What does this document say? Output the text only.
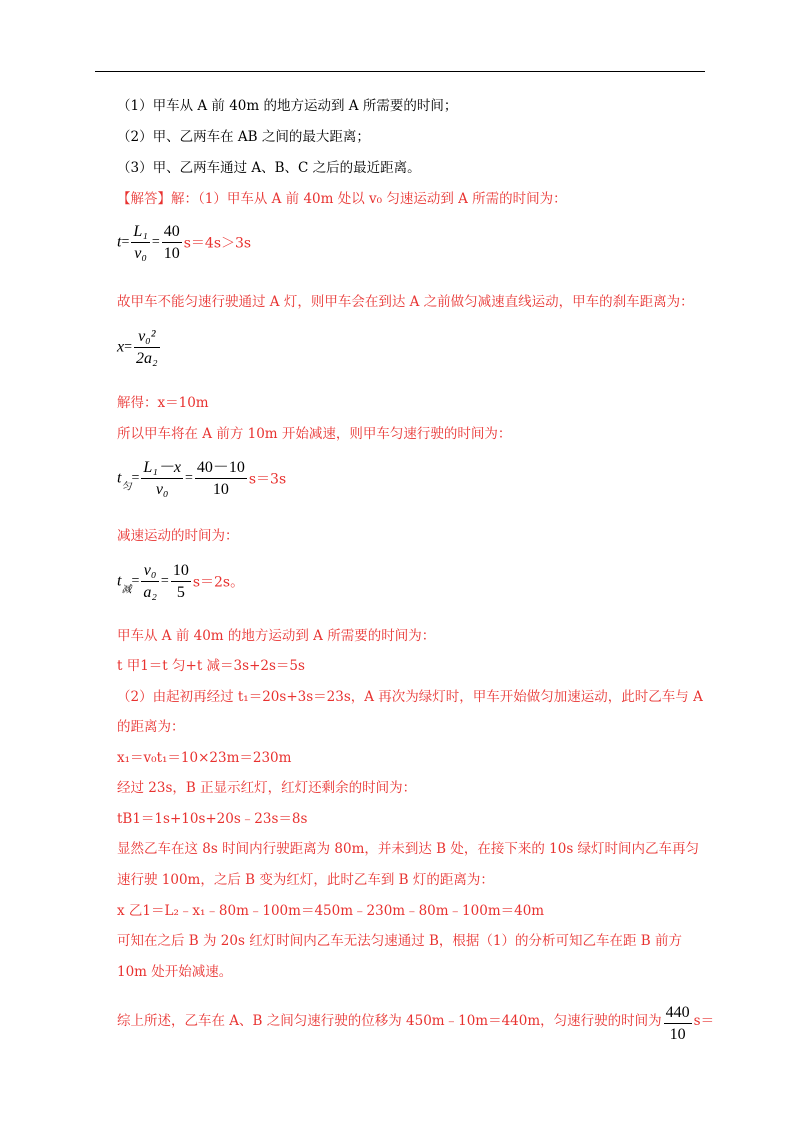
（1）甲车从 A 前 40m 的地方运动到 A 所需要的时间；
（2）甲、乙两车在 AB 之间的最大距离；
（3）甲、乙两车通过 A、B、C 之后的最近距离。
【解答】解：（1）甲车从 A 前 40m 处以 v₀ 匀速运动到 A 所需的时间为：
$t= \frac{\text{L₁}}{\text{v₀}} = \frac{40}{10} s=4s>3s$
故甲车不能匀速行驶通过 A 灯，则甲车会在到达 A 之前做匀减速直线运动，甲车的刹车距离为：
$x= \frac{\text{v₀²}}{\text{2a₂}}$
解得：x＝10m
所以甲车将在 A 前方 10m 开始减速，则甲车匀速行驶的时间为：
$t_匀= \frac{\text{L₁－x}}{\text{v₀}} = \frac{40-10}{10} s=3s$
减速运动的时间为：
$t_减= \frac{\text{v₀}}{\text{a₂}} = \frac{10}{5} s=2s$。
甲车从 A 前 40m 的地方运动到 A 所需要的时间为：
t 甲1＝t 匀+t 减＝3s+2s＝5s
（2）由起初再经过 t₁＝20s+3s＝23s，A 再次为绿灯时，甲车开始做匀加速运动，此时乙车与 A
的距离为：
x₁＝v₀t₁＝10×23m＝230m
经过 23s，B 正显示红灯，红灯还剩余的时间为：
tB1＝1s+10s+20s﹣23s＝8s
显然乙车在这 8s 时间内行驶距离为 80m，并未到达 B 处，在接下来的 10s 绿灯时间内乙车再匀
速行驶 100m，之后 B 变为红灯，此时乙车到 B 灯的距离为：
x 乙1＝L₂﹣x₁﹣80m﹣100m＝450m﹣230m﹣80m﹣100m＝40m
可知在之后 B 为 20s 红灯时间内乙车无法匀速通过 B，根据（1）的分析可知乙车在距 B 前方
10m 处开始减速。
综上所述，乙车在 A、B 之间匀速行驶的位移为 450m﹣10m＝440m，匀速行驶的时间为 $\frac{440}{10} s=$
